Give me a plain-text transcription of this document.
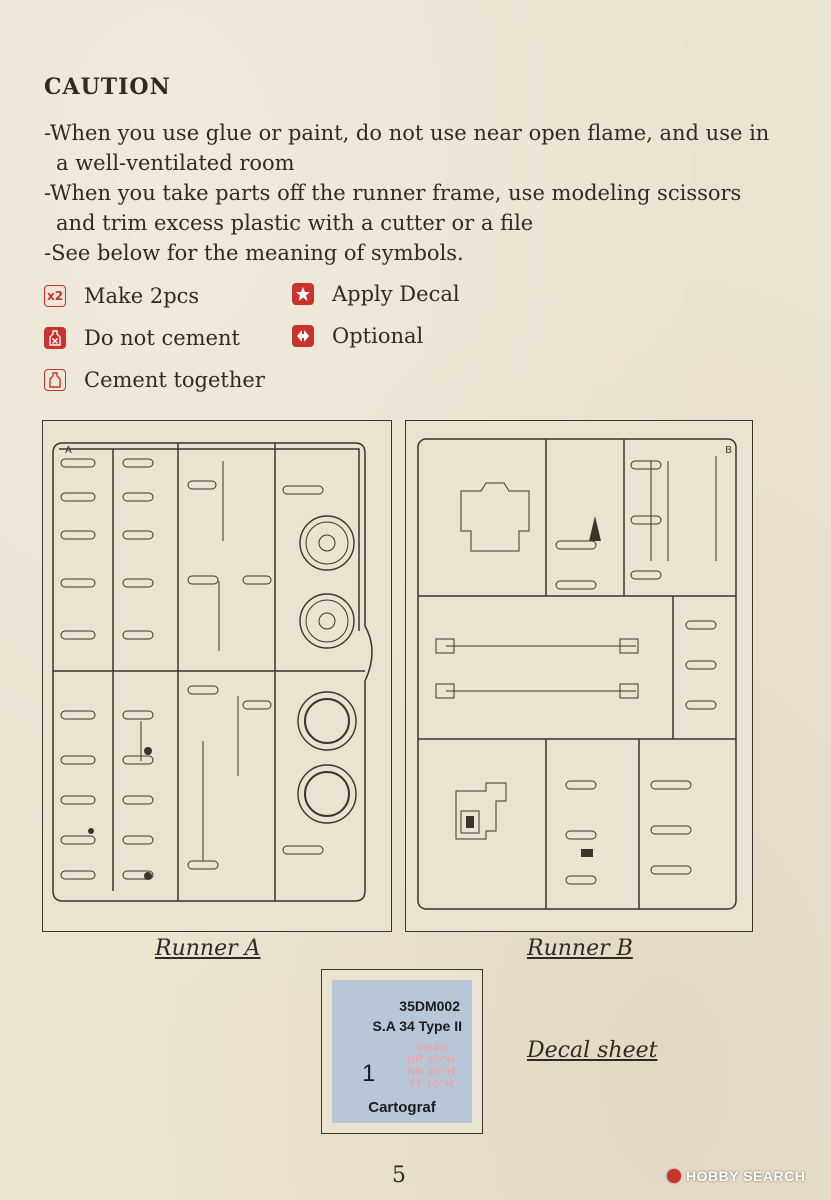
CAUTION

-When you use glue or paint, do not use near open flame, and use in
a well-ventilated room

-When you take parts off the runner frame, use modeling scissors
and trim excess plastic with a cutter or a file

-See below for the meaning of symbols.

x2 Make 2pcs
Do not cement
Cement together
Apply Decal
Optional
A	B
Runner A	Runner B
35DM002
S.A 34 Type II
1
Vmax
BR 35"H
NR 20"H
TT 10"H
Cartograf
Decal sheet
5	HOBBY SEARCH
